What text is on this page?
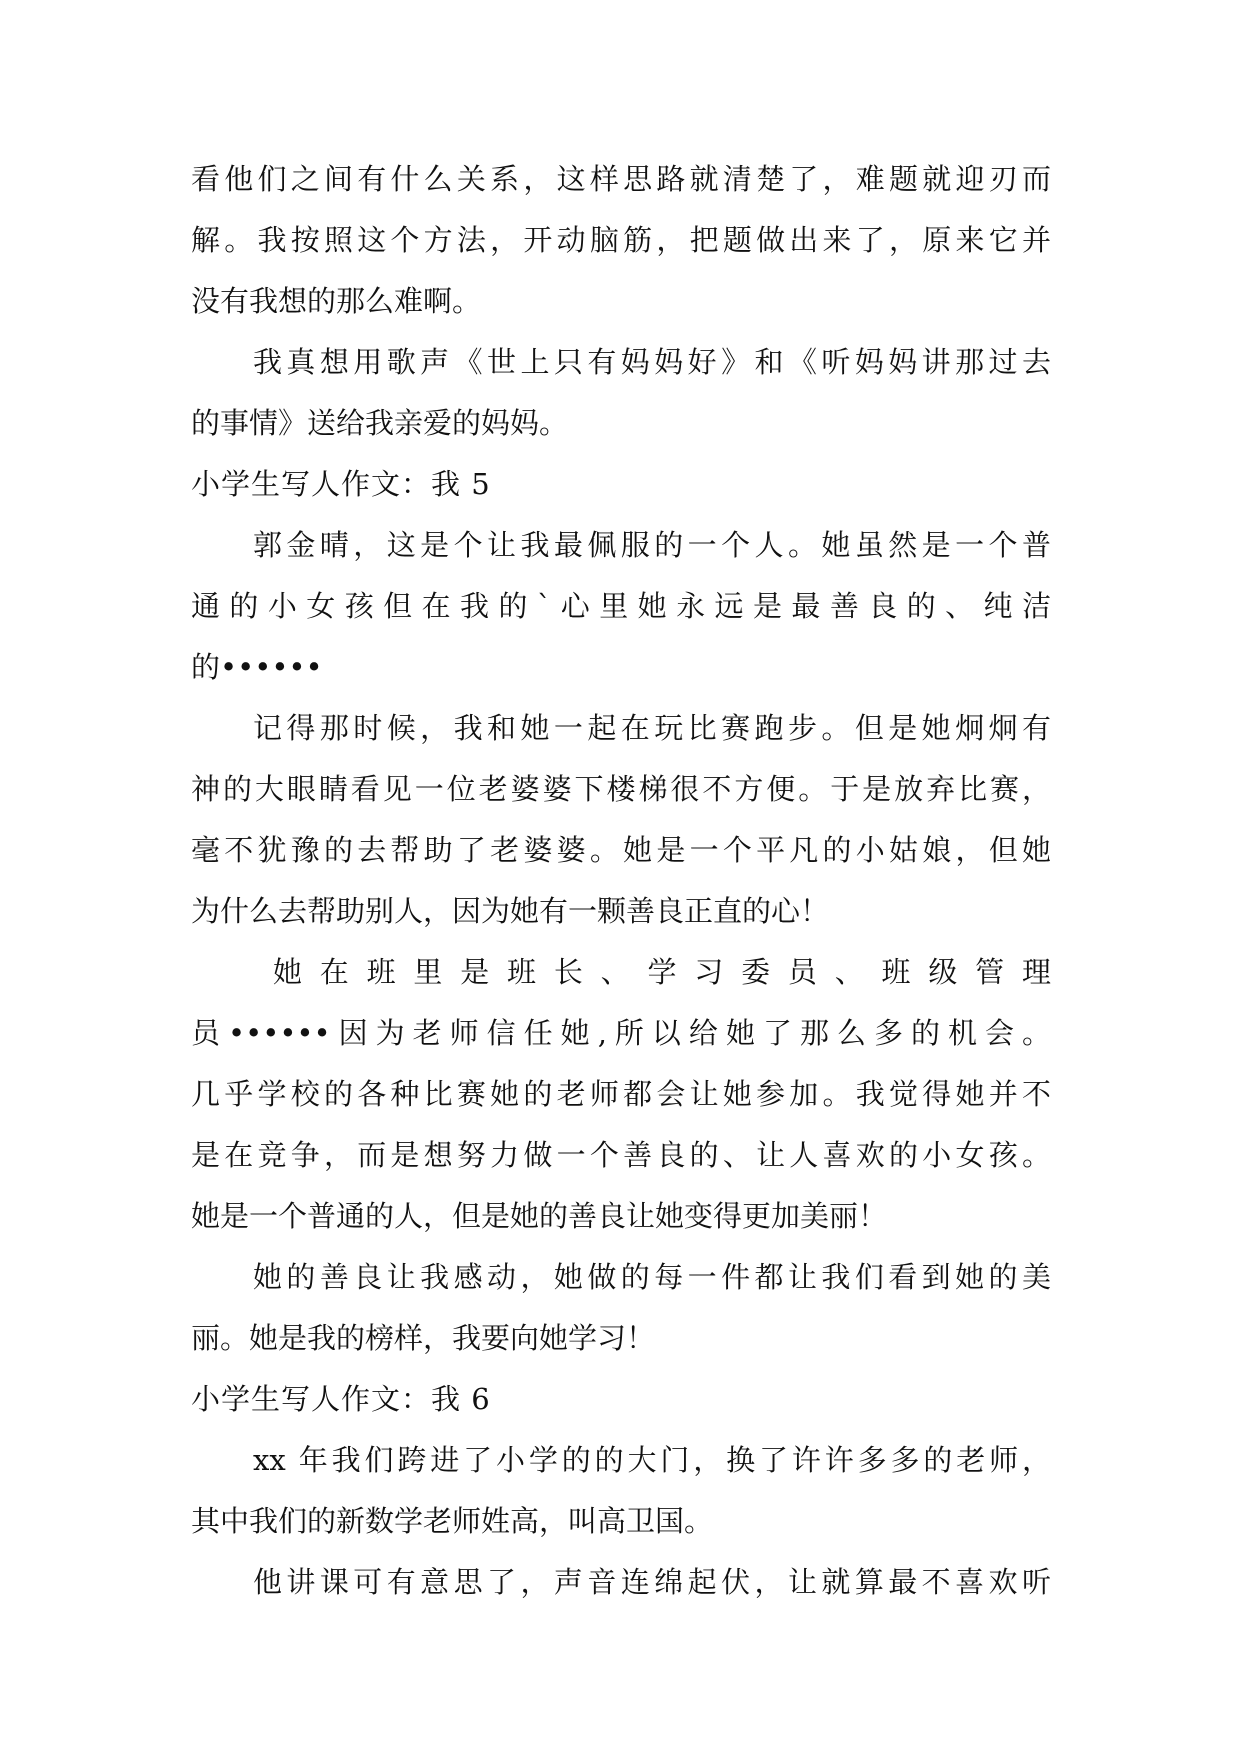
看他们之间有什么关系，这样思路就清楚了，难题就迎刃而
解。我按照这个方法，开动脑筋，把题做出来了，原来它并
没有我想的那么难啊。
我真想用歌声《世上只有妈妈好》和《听妈妈讲那过去
的事情》送给我亲爱的妈妈。
小学生写人作文：我 5
郭金晴，这是个让我最佩服的一个人。她虽然是一个普
通的小女孩但在我的`心里她永远是最善良的、纯洁
的••••••
记得那时候，我和她一起在玩比赛跑步。但是她炯炯有
神的大眼睛看见一位老婆婆下楼梯很不方便。于是放弃比赛，
毫不犹豫的去帮助了老婆婆。她是一个平凡的小姑娘，但她
为什么去帮助别人，因为她有一颗善良正直的心！
她在班里是班长、学习委员、班级管理
员••••••因为老师信任她,所以给她了那么多的机会。
几乎学校的各种比赛她的老师都会让她参加。我觉得她并不
是在竞争，而是想努力做一个善良的、让人喜欢的小女孩。
她是一个普通的人，但是她的善良让她变得更加美丽！
她的善良让我感动，她做的每一件都让我们看到她的美
丽。她是我的榜样，我要向她学习！
小学生写人作文：我 6
xx 年我们跨进了小学的的大门，换了许许多多的老师，
其中我们的新数学老师姓高，叫高卫国。
他讲课可有意思了，声音连绵起伏，让就算最不喜欢听
